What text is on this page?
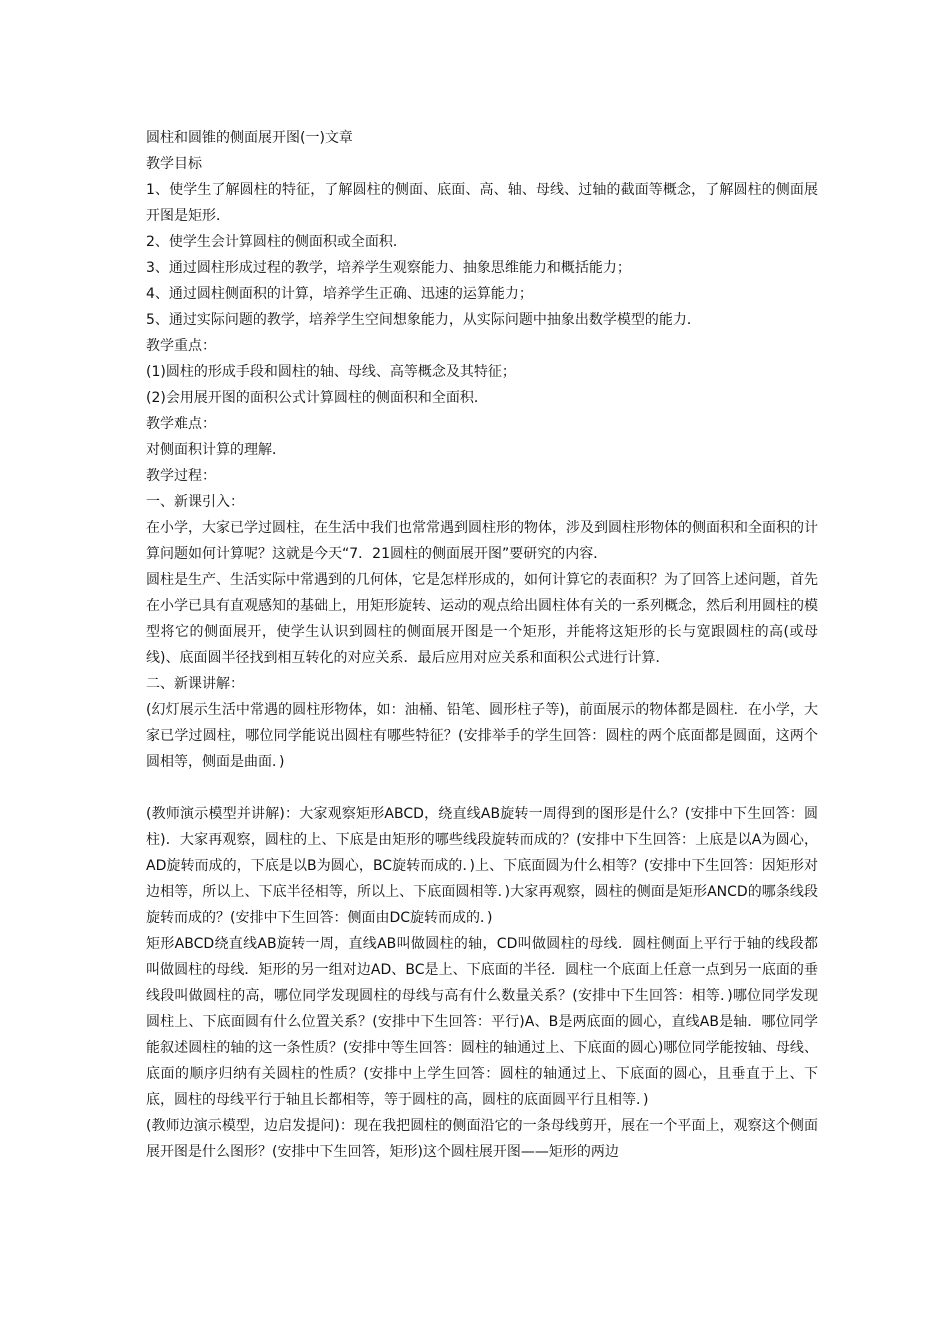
圆柱和圆锥的侧面展开图(一)文章

教学目标

1、使学生了解圆柱的特征，了解圆柱的侧面、底面、高、轴、母线、过轴的截面等概念，了解圆柱的侧面展开图是矩形．

2、使学生会计算圆柱的侧面积或全面积．

3、通过圆柱形成过程的教学，培养学生观察能力、抽象思维能力和概括能力；

4、通过圆柱侧面积的计算，培养学生正确、迅速的运算能力；

5、通过实际问题的教学，培养学生空间想象能力，从实际问题中抽象出数学模型的能力．

教学重点：

(1)圆柱的形成手段和圆柱的轴、母线、高等概念及其特征；

(2)会用展开图的面积公式计算圆柱的侧面积和全面积．

教学难点：

对侧面积计算的理解．

教学过程：

一、新课引入：

在小学，大家已学过圆柱，在生活中我们也常常遇到圆柱形的物体，涉及到圆柱形物体的侧面积和全面积的计算问题如何计算呢？这就是今天“7．21圆柱的侧面展开图”要研究的内容．

圆柱是生产、生活实际中常遇到的几何体，它是怎样形成的，如何计算它的表面积？为了回答上述问题，首先在小学已具有直观感知的基础上，用矩形旋转、运动的观点给出圆柱体有关的一系列概念，然后利用圆柱的模型将它的侧面展开，使学生认识到圆柱的侧面展开图是一个矩形，并能将这矩形的长与宽跟圆柱的高(或母线)、底面圆半径找到相互转化的对应关系．最后应用对应关系和面积公式进行计算．

二、新课讲解：

(幻灯展示生活中常遇的圆柱形物体，如：油桶、铅笔、圆形柱子等)，前面展示的物体都是圆柱．在小学，大家已学过圆柱，哪位同学能说出圆柱有哪些特征？(安排举手的学生回答：圆柱的两个底面都是圆面，这两个圆相等，侧面是曲面．)

(教师演示模型并讲解)：大家观察矩形ABCD，绕直线AB旋转一周得到的图形是什么？(安排中下生回答：圆柱)．大家再观察，圆柱的上、下底是由矩形的哪些线段旋转而成的？(安排中下生回答：上底是以A为圆心，AD旋转而成的，下底是以B为圆心，BC旋转而成的．)上、下底面圆为什么相等？(安排中下生回答：因矩形对边相等，所以上、下底半径相等，所以上、下底面圆相等．)大家再观察，圆柱的侧面是矩形ANCD的哪条线段旋转而成的？(安排中下生回答：侧面由DC旋转而成的．)

矩形ABCD绕直线AB旋转一周，直线AB叫做圆柱的轴，CD叫做圆柱的母线．圆柱侧面上平行于轴的线段都叫做圆柱的母线．矩形的另一组对边AD、BC是上、下底面的半径．圆柱一个底面上任意一点到另一底面的垂线段叫做圆柱的高，哪位同学发现圆柱的母线与高有什么数量关系？(安排中下生回答：相等．)哪位同学发现圆柱上、下底面圆有什么位置关系？(安排中下生回答：平行)A、B是两底面的圆心，直线AB是轴．哪位同学能叙述圆柱的轴的这一条性质？(安排中等生回答：圆柱的轴通过上、下底面的圆心)哪位同学能按轴、母线、底面的顺序归纳有关圆柱的性质？(安排中上学生回答：圆柱的轴通过上、下底面的圆心，且垂直于上、下底，圆柱的母线平行于轴且长都相等，等于圆柱的高，圆柱的底面圆平行且相等．)

(教师边演示模型，边启发提问)：现在我把圆柱的侧面沿它的一条母线剪开，展在一个平面上，观察这个侧面展开图是什么图形？(安排中下生回答，矩形)这个圆柱展开图——矩形的两边
